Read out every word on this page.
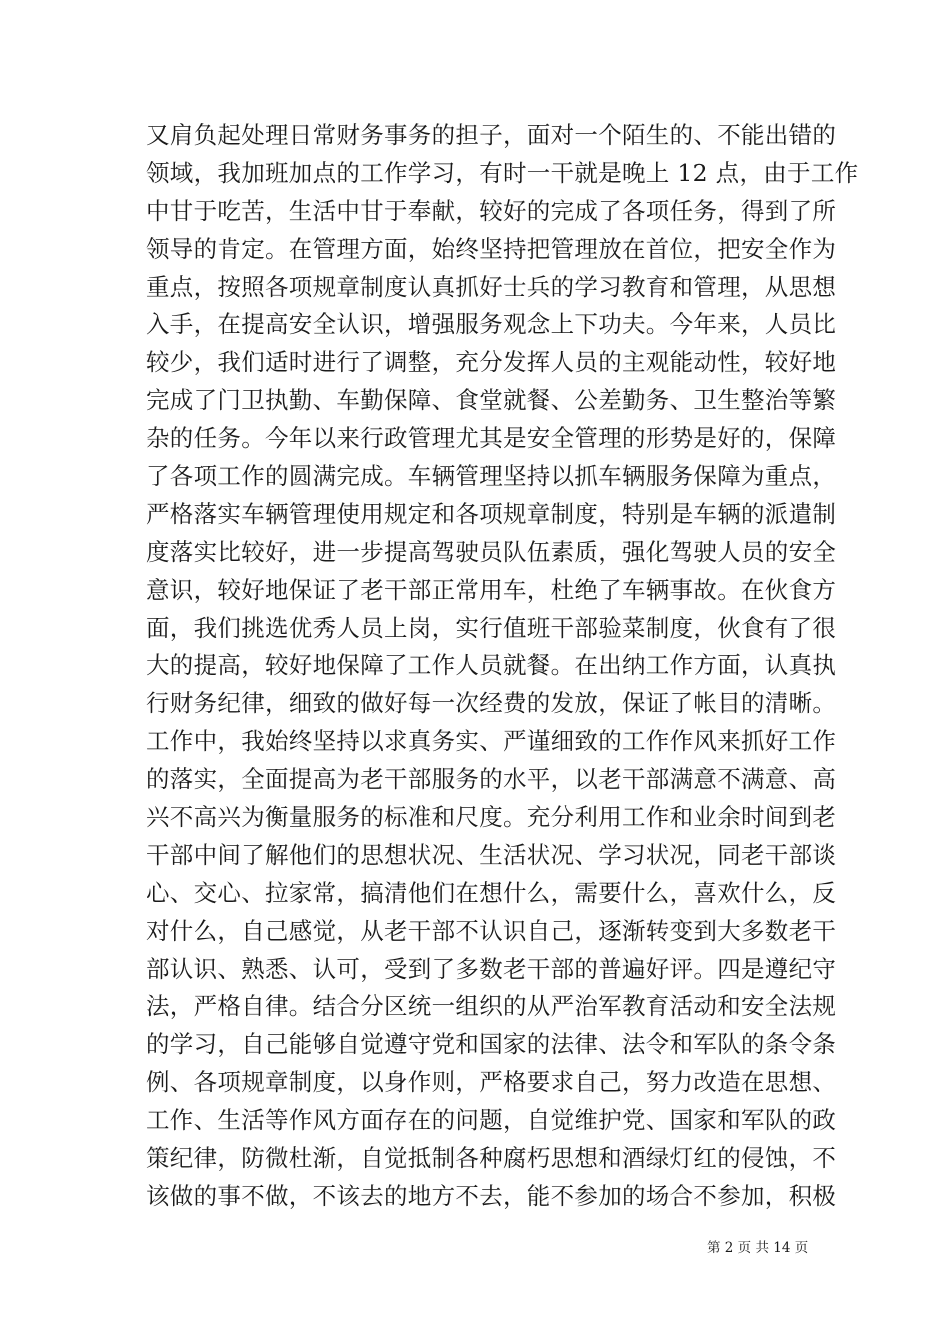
又肩负起处理日常财务事务的担子，面对一个陌生的、不能出错的
领域，我加班加点的工作学习，有时一干就是晚上 12 点，由于工作
中甘于吃苦，生活中甘于奉献，较好的完成了各项任务，得到了所
领导的肯定。在管理方面，始终坚持把管理放在首位，把安全作为
重点，按照各项规章制度认真抓好士兵的学习教育和管理，从思想
入手，在提高安全认识，增强服务观念上下功夫。今年来，人员比
较少，我们适时进行了调整，充分发挥人员的主观能动性，较好地
完成了门卫执勤、车勤保障、食堂就餐、公差勤务、卫生整治等繁
杂的任务。今年以来行政管理尤其是安全管理的形势是好的，保障
了各项工作的圆满完成。车辆管理坚持以抓车辆服务保障为重点，
严格落实车辆管理使用规定和各项规章制度，特别是车辆的派遣制
度落实比较好，进一步提高驾驶员队伍素质，强化驾驶人员的安全
意识，较好地保证了老干部正常用车，杜绝了车辆事故。在伙食方
面，我们挑选优秀人员上岗，实行值班干部验菜制度，伙食有了很
大的提高，较好地保障了工作人员就餐。在出纳工作方面，认真执
行财务纪律，细致的做好每一次经费的发放，保证了帐目的清晰。
工作中，我始终坚持以求真务实、严谨细致的工作作风来抓好工作
的落实，全面提高为老干部服务的水平，以老干部满意不满意、高
兴不高兴为衡量服务的标准和尺度。充分利用工作和业余时间到老
干部中间了解他们的思想状况、生活状况、学习状况，同老干部谈
心、交心、拉家常，搞清他们在想什么，需要什么，喜欢什么，反
对什么，自己感觉，从老干部不认识自己，逐渐转变到大多数老干
部认识、熟悉、认可，受到了多数老干部的普遍好评。四是遵纪守
法，严格自律。结合分区统一组织的从严治军教育活动和安全法规
的学习，自己能够自觉遵守党和国家的法律、法令和军队的条令条
例、各项规章制度，以身作则，严格要求自己，努力改造在思想、
工作、生活等作风方面存在的问题，自觉维护党、国家和军队的政
策纪律，防微杜渐，自觉抵制各种腐朽思想和酒绿灯红的侵蚀，不
该做的事不做，不该去的地方不去，能不参加的场合不参加，积极
第 2 页 共 14 页
